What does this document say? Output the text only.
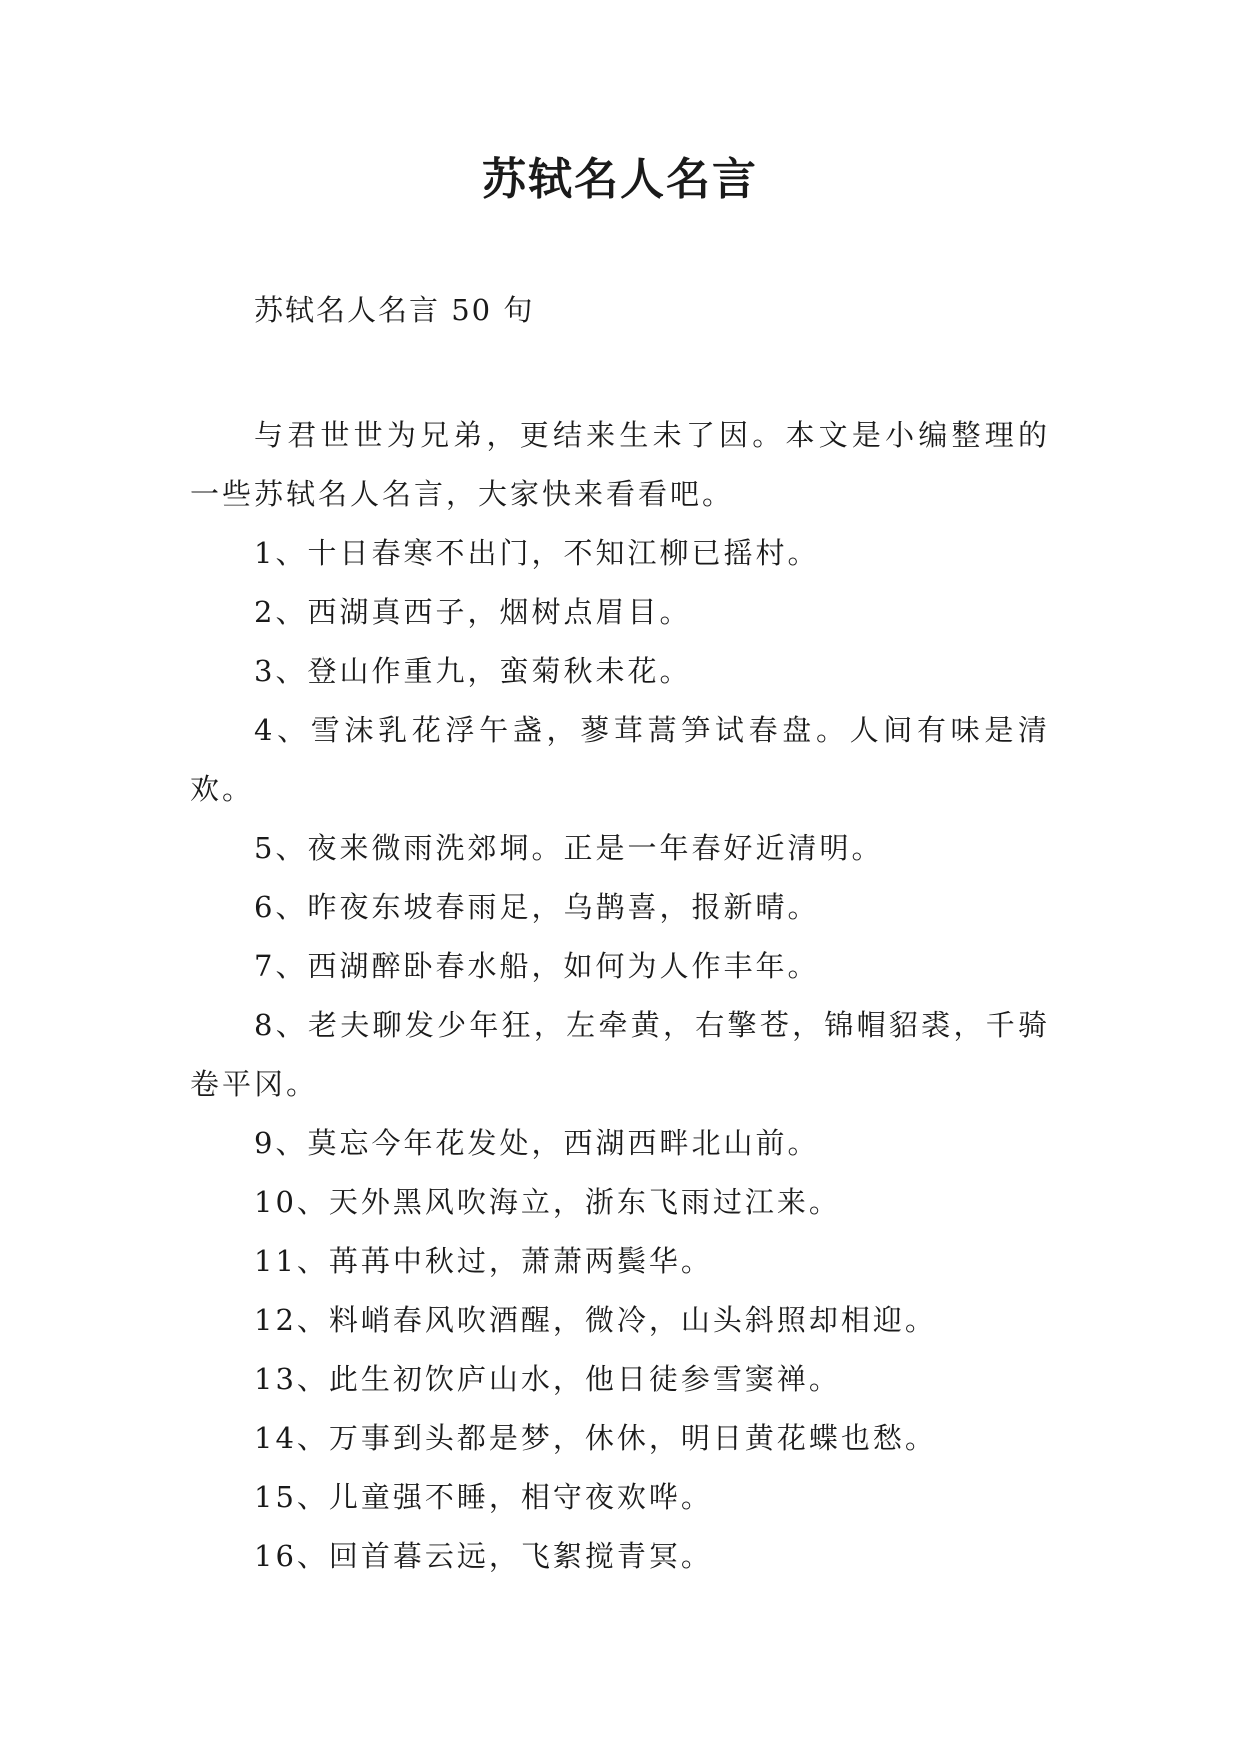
苏轼名人名言
苏轼名人名言 50 句

与君世世为兄弟，更结来生未了因。本文是小编整理的一些苏轼名人名言，大家快来看看吧。

1、十日春寒不出门，不知江柳已摇村。

2、西湖真西子，烟树点眉目。

3、登山作重九，蛮菊秋未花。

4、雪沫乳花浮午盏，蓼茸蒿笋试春盘。人间有味是清欢。

5、夜来微雨洗郊垌。正是一年春好近清明。

6、昨夜东坡春雨足，乌鹊喜，报新晴。

7、西湖醉卧春水船，如何为人作丰年。

8、老夫聊发少年狂，左牵黄，右擎苍，锦帽貂裘，千骑卷平冈。

9、莫忘今年花发处，西湖西畔北山前。

10、天外黑风吹海立，浙东飞雨过江来。

11、苒苒中秋过，萧萧两鬓华。

12、料峭春风吹酒醒，微冷，山头斜照却相迎。

13、此生初饮庐山水，他日徒参雪窦禅。

14、万事到头都是梦，休休，明日黄花蝶也愁。

15、儿童强不睡，相守夜欢哗。

16、回首暮云远，飞絮搅青冥。
